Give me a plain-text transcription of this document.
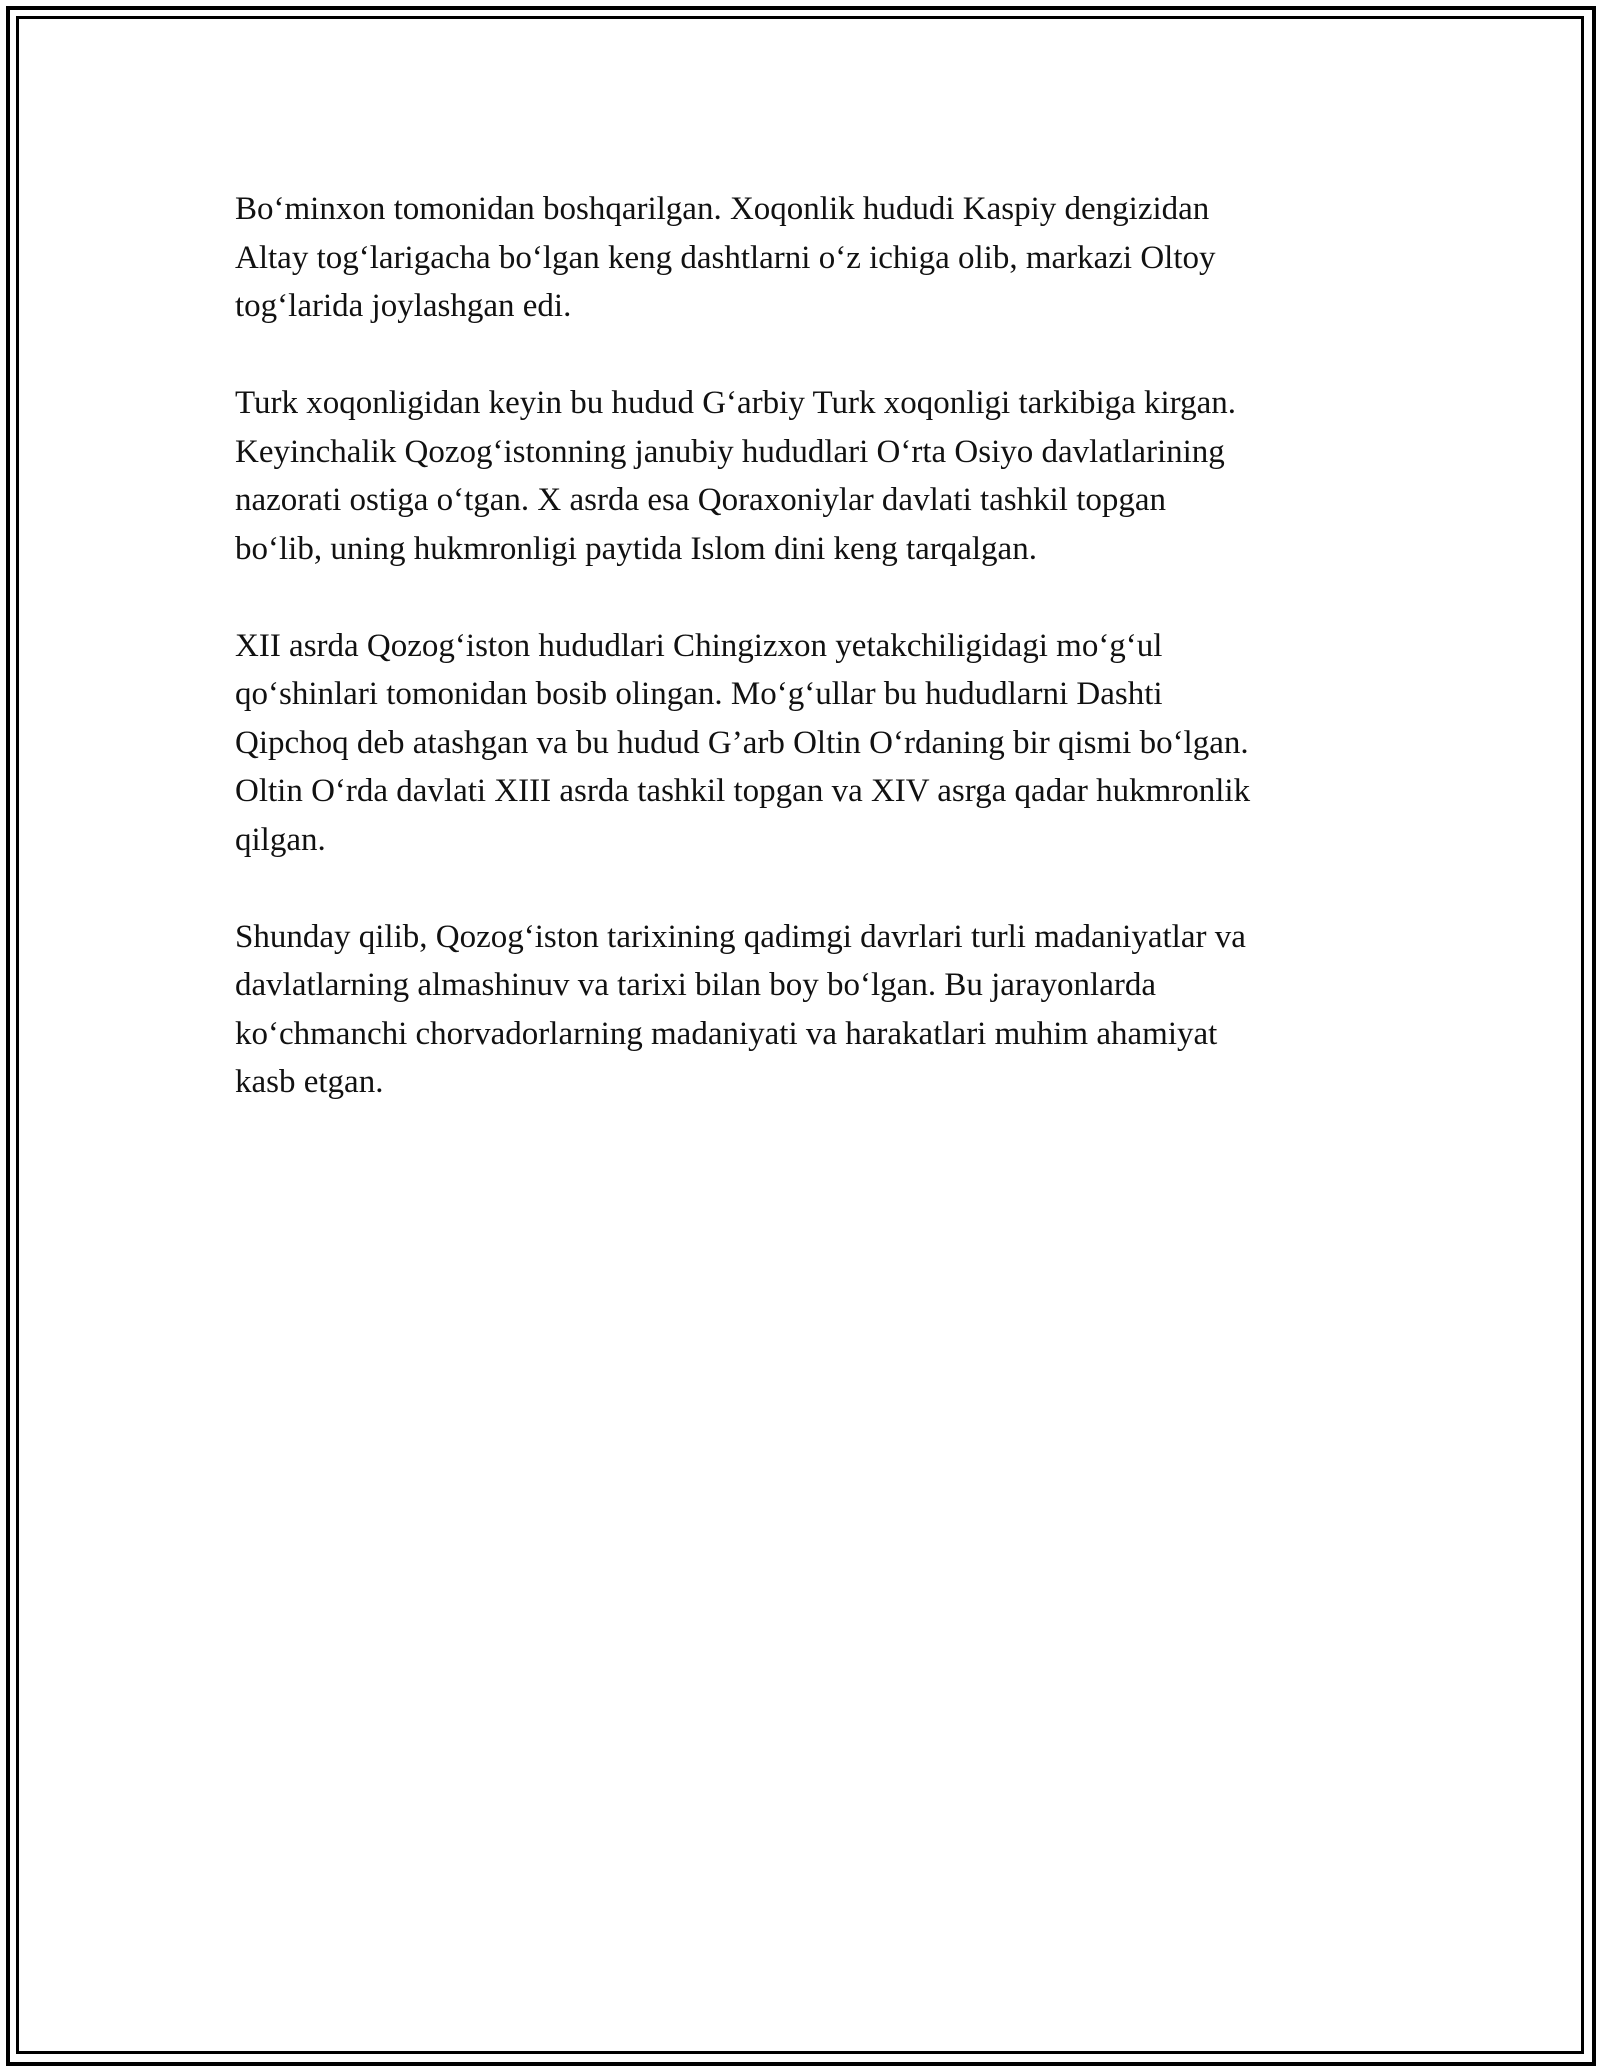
Bo‘minxon tomonidan boshqarilgan. Xoqonlik hududi Kaspiy dengizidan
Altay tog‘larigacha bo‘lgan keng dashtlarni o‘z ichiga olib, markazi Oltoy
tog‘larida joylashgan edi.

Turk xoqonligidan keyin bu hudud G‘arbiy Turk xoqonligi tarkibiga kirgan.
Keyinchalik Qozog‘istonning janubiy hududlari O‘rta Osiyo davlatlarining
nazorati ostiga o‘tgan. X asrda esa Qoraxoniylar davlati tashkil topgan
bo‘lib, uning hukmronligi paytida Islom dini keng tarqalgan.

XII asrda Qozog‘iston hududlari Chingizxon yetakchiligidagi mo‘g‘ul
qo‘shinlari tomonidan bosib olingan. Mo‘g‘ullar bu hududlarni Dashti
Qipchoq deb atashgan va bu hudud G’arb Oltin O‘rdaning bir qismi bo‘lgan.
Oltin O‘rda davlati XIII asrda tashkil topgan va XIV asrga qadar hukmronlik
qilgan.

Shunday qilib, Qozog‘iston tarixining qadimgi davrlari turli madaniyatlar va
davlatlarning almashinuv va tarixi bilan boy bo‘lgan. Bu jarayonlarda
ko‘chmanchi chorvadorlarning madaniyati va harakatlari muhim ahamiyat
kasb etgan.
